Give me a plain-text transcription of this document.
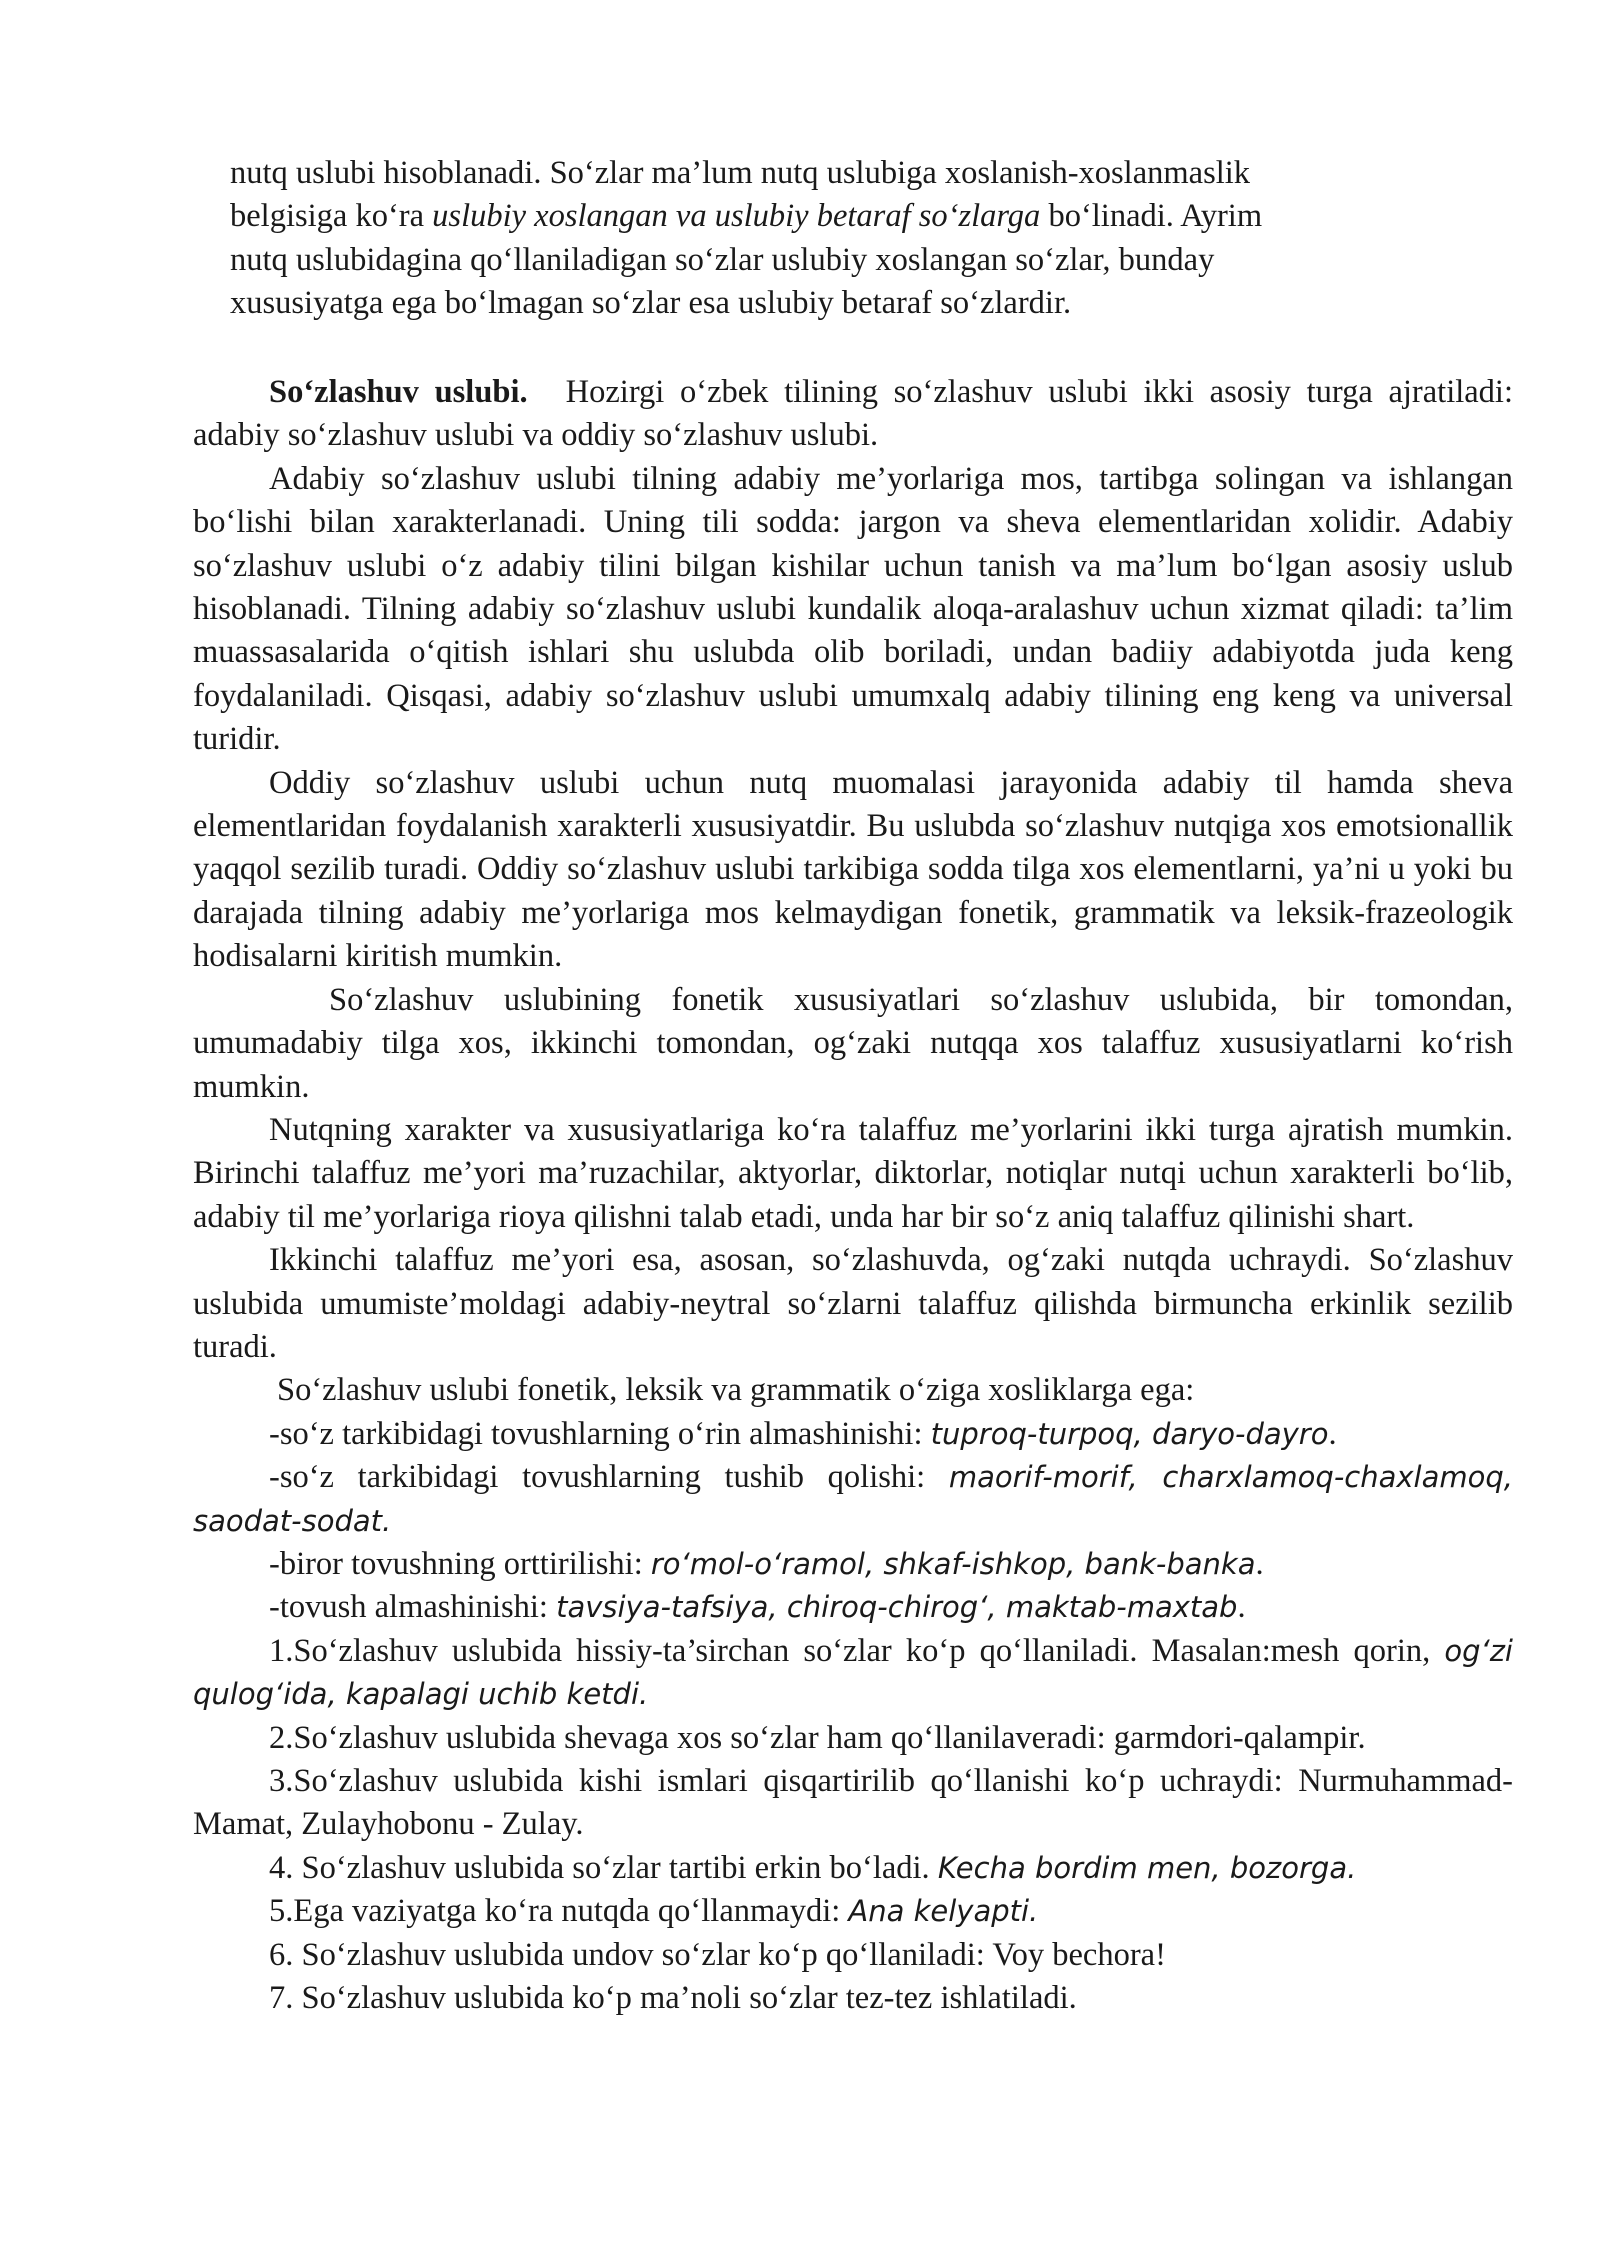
nutq uslubi hisoblanadi. So‘zlar ma’lum nutq uslubiga xoslanish-xoslanmaslik
belgisiga ko‘ra uslubiy xoslangan va uslubiy betaraf so‘zlarga bo‘linadi. Ayrim
nutq uslubidagina qo‘llaniladigan so‘zlar uslubiy xoslangan so‘zlar, bunday
xususiyatga ega bo‘lmagan so‘zlar esa uslubiy betaraf so‘zlardir.

So‘zlashuv uslubi. Hozirgi o‘zbek tilining so‘zlashuv uslubi ikki asosiy turga ajratiladi: adabiy so‘zlashuv uslubi va oddiy so‘zlashuv uslubi.

Adabiy so‘zlashuv uslubi tilning adabiy me’yorlariga mos, tartibga solingan va ishlangan bo‘lishi bilan xarakterlanadi. Uning tili sodda: jargon va sheva elementlaridan xolidir. Adabiy so‘zlashuv uslubi o‘z adabiy tilini bilgan kishilar uchun tanish va ma’lum bo‘lgan asosiy uslub hisoblanadi. Tilning adabiy so‘zlashuv uslubi kundalik aloqa-aralashuv uchun xizmat qiladi: ta’lim muassasalarida o‘qitish ishlari shu uslubda olib boriladi, undan badiiy adabiyotda juda keng foydalaniladi. Qisqasi, adabiy so‘zlashuv uslubi umumxalq adabiy tilining eng keng va universal turidir.

Oddiy so‘zlashuv uslubi uchun nutq muomalasi jarayonida adabiy til hamda sheva elementlaridan foydalanish xarakterli xususiyatdir. Bu uslubda so‘zlashuv nutqiga xos emotsionallik yaqqol sezilib turadi. Oddiy so‘zlashuv uslubi tarkibiga sodda tilga xos elementlarni, ya’ni u yoki bu darajada tilning adabiy me’yorlariga mos kelmaydigan fonetik, grammatik va leksik-frazeologik hodisalarni kiritish mumkin.

So‘zlashuv uslubining fonetik xususiyatlari so‘zlashuv uslubida, bir tomondan, umumadabiy tilga xos, ikkinchi tomondan, og‘zaki nutqqa xos talaffuz xususiyatlarni ko‘rish mumkin.

Nutqning xarakter va xususiyatlariga ko‘ra talaffuz me’yorlarini ikki turga ajratish mumkin. Birinchi talaffuz me’yori ma’ruzachilar, aktyorlar, diktorlar, notiqlar nutqi uchun xarakterli bo‘lib, adabiy til me’yorlariga rioya qilishni talab etadi, unda har bir so‘z aniq talaffuz qilinishi shart.

Ikkinchi talaffuz me’yori esa, asosan, so‘zlashuvda, og‘zaki nutqda uchraydi. So‘zlashuv uslubida umumiste’moldagi adabiy-neytral so‘zlarni talaffuz qilishda birmuncha erkinlik sezilib turadi.

So‘zlashuv uslubi fonetik, leksik va grammatik o‘ziga xosliklarga ega:

-so‘z tarkibidagi tovushlarning o‘rin almashinishi: tuproq-turpoq, daryo-dayro.

-so‘z tarkibidagi tovushlarning tushib qolishi: maorif-morif, charxlamoq-chaxlamoq, saodat-sodat.

-biror tovushning orttirilishi: ro‘mol-o‘ramol, shkaf-ishkop, bank-banka.

-tovush almashinishi: tavsiya-tafsiya, chiroq-chirog‘, maktab-maxtab.

1.So‘zlashuv uslubida hissiy-ta’sirchan so‘zlar ko‘p qo‘llaniladi. Masalan:mesh qorin, og‘zi qulog‘ida, kapalagi uchib ketdi.

2.So‘zlashuv uslubida shevaga xos so‘zlar ham qo‘llanilaveradi: garmdori-qalampir.

3.So‘zlashuv uslubida kishi ismlari qisqartirilib qo‘llanishi ko‘p uchraydi: Nurmuhammad- Mamat, Zulayhobonu - Zulay.

4. So‘zlashuv uslubida so‘zlar tartibi erkin bo‘ladi. Kecha bordim men, bozorga.

5.Ega vaziyatga ko‘ra nutqda qo‘llanmaydi: Ana kelyapti.

6. So‘zlashuv uslubida undov so‘zlar ko‘p qo‘llaniladi: Voy bechora!

7. So‘zlashuv uslubida ko‘p ma’noli so‘zlar tez-tez ishlatiladi.
